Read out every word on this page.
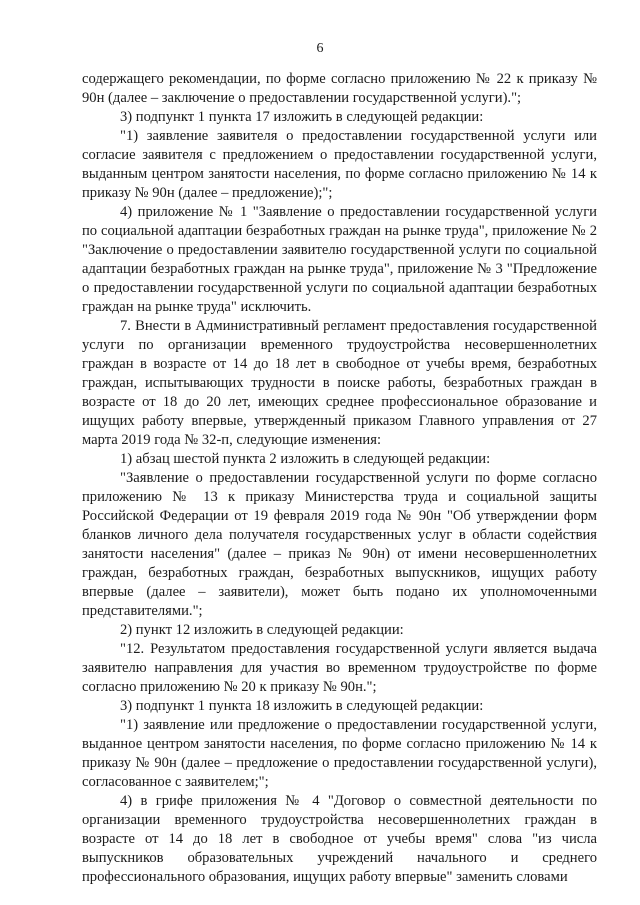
6

содержащего рекомендации, по форме согласно приложению № 22 к приказу № 90н (далее – заключение о предоставлении государственной услуги).";

3) подпункт 1 пункта 17 изложить в следующей редакции:

"1) заявление заявителя о предоставлении государственной услуги или согласие заявителя с предложением о предоставлении государственной услуги, выданным центром занятости населения, по форме согласно приложению № 14 к приказу № 90н (далее – предложение);";

4) приложение № 1 "Заявление о предоставлении государственной услуги по социальной адаптации безработных граждан на рынке труда", приложение № 2 "Заключение о предоставлении заявителю государственной услуги по социальной адаптации безработных граждан на рынке труда", приложение № 3 "Предложение о предоставлении государственной услуги по социальной адаптации безработных граждан на рынке труда" исключить.

7. Внести в Административный регламент предоставления государственной услуги по организации временного трудоустройства несовершеннолетних граждан в возрасте от 14 до 18 лет в свободное от учебы время, безработных граждан, испытывающих трудности в поиске работы, безработных граждан в возрасте от 18 до 20 лет, имеющих среднее профессиональное образование и ищущих работу впервые, утвержденный приказом Главного управления от 27 марта 2019 года № 32-п, следующие изменения:

1) абзац шестой пункта 2 изложить в следующей редакции:

"Заявление о предоставлении государственной услуги по форме согласно приложению № 13 к приказу Министерства труда и социальной защиты Российской Федерации от 19 февраля 2019 года № 90н "Об утверждении форм бланков личного дела получателя государственных услуг в области содействия занятости населения" (далее – приказ № 90н) от имени несовершеннолетних граждан, безработных граждан, безработных выпускников, ищущих работу впервые (далее – заявители), может быть подано их уполномоченными представителями.";

2) пункт 12 изложить в следующей редакции:

"12. Результатом предоставления государственной услуги является выдача заявителю направления для участия во временном трудоустройстве по форме согласно приложению № 20 к приказу № 90н.";

3) подпункт 1 пункта 18 изложить в следующей редакции:

"1) заявление или предложение о предоставлении государственной услуги, выданное центром занятости населения, по форме согласно приложению № 14 к приказу № 90н (далее – предложение о предоставлении государственной услуги), согласованное с заявителем;";

4) в грифе приложения № 4 "Договор о совместной деятельности по организации временного трудоустройства несовершеннолетних граждан в возрасте от 14 до 18 лет в свободное от учебы время" слова "из числа выпускников образовательных учреждений начального и среднего профессионального образования, ищущих работу впервые" заменить словами
